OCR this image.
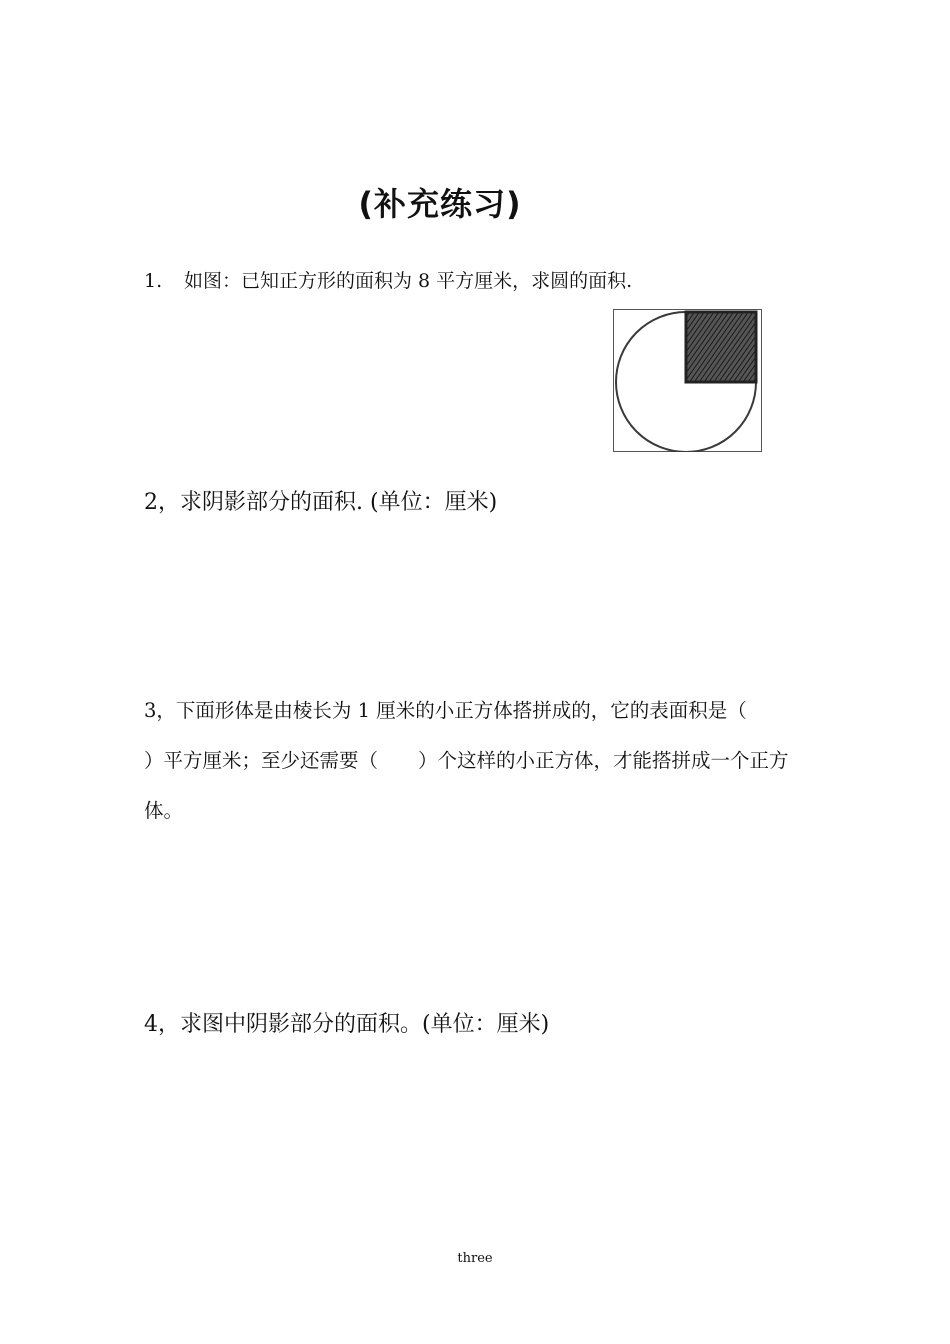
(补充练习)

1. 如图：已知正方形的面积为 8 平方厘米，求圆的面积.

2，求阴影部分的面积. (单位：厘米)

3，下面形体是由棱长为 1 厘米的小正方体搭拼成的，它的表面积是（）平方厘米；至少还需要（ ）个这样的小正方体，才能搭拼成一个正方体。

4，求图中阴影部分的面积。(单位：厘米)

three
